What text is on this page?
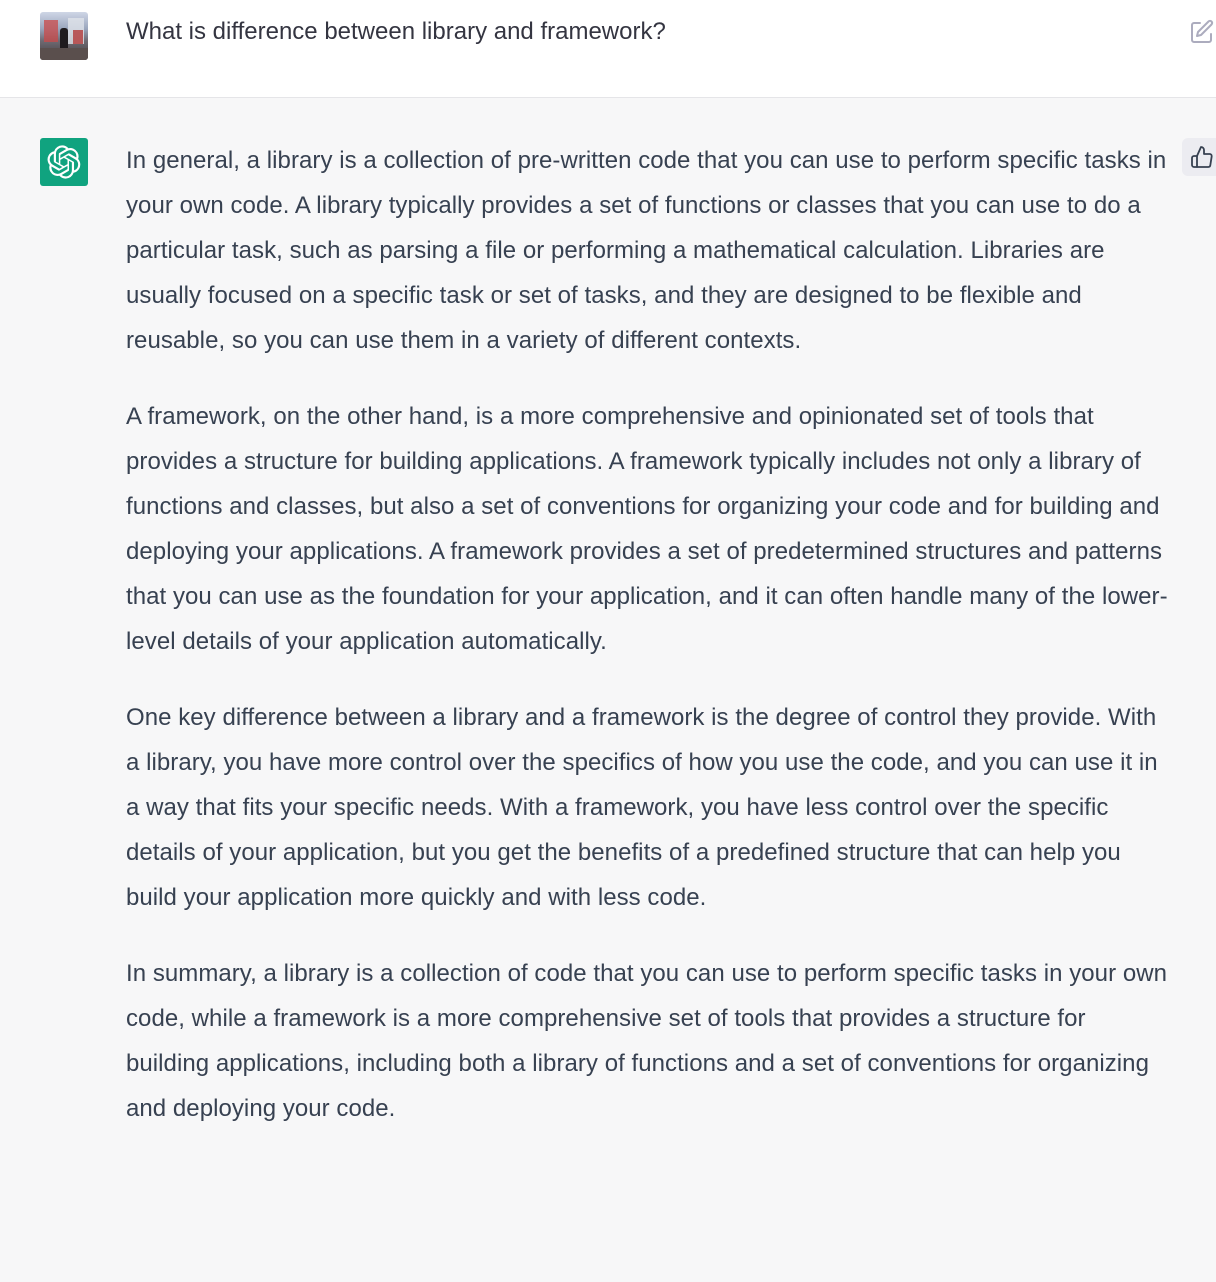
What is difference between library and framework?

In general, a library is a collection of pre-written code that you can use to perform specific tasks in your own code. A library typically provides a set of functions or classes that you can use to do a particular task, such as parsing a file or performing a mathematical calculation. Libraries are usually focused on a specific task or set of tasks, and they are designed to be flexible and reusable, so you can use them in a variety of different contexts.

A framework, on the other hand, is a more comprehensive and opinionated set of tools that provides a structure for building applications. A framework typically includes not only a library of functions and classes, but also a set of conventions for organizing your code and for building and deploying your applications. A framework provides a set of predetermined structures and patterns that you can use as the foundation for your application, and it can often handle many of the lower-level details of your application automatically.

One key difference between a library and a framework is the degree of control they provide. With a library, you have more control over the specifics of how you use the code, and you can use it in a way that fits your specific needs. With a framework, you have less control over the specific details of your application, but you get the benefits of a predefined structure that can help you build your application more quickly and with less code.

In summary, a library is a collection of code that you can use to perform specific tasks in your own code, while a framework is a more comprehensive set of tools that provides a structure for building applications, including both a library of functions and a set of conventions for organizing and deploying your code.
